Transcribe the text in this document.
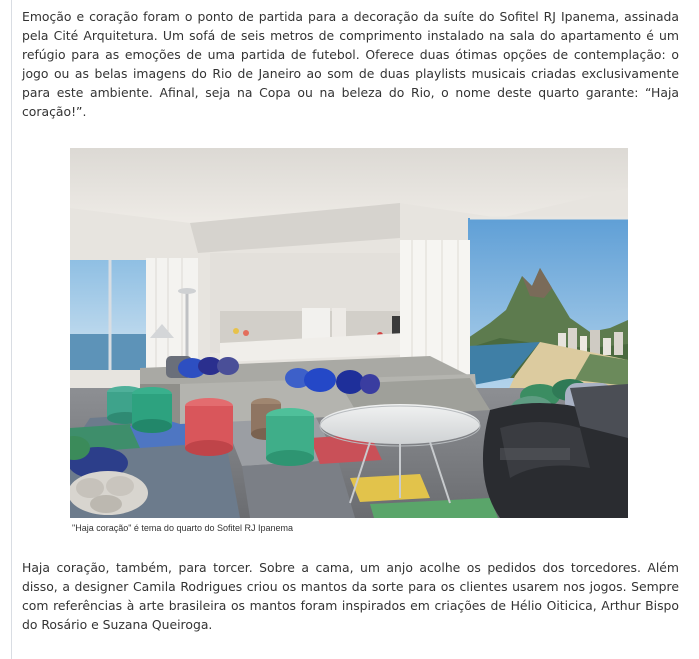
Emoção e coração foram o ponto de partida para a decoração da suíte do Sofitel RJ Ipanema, assinada pela Cité Arquitetura. Um sofá de seis metros de comprimento instalado na sala do apartamento é um refúgio para as emoções de uma partida de futebol. Oferece duas ótimas opções de contemplação: o jogo ou as belas imagens do Rio de Janeiro ao som de duas playlists musicais criadas exclusivamente para este ambiente. Afinal, seja na Copa ou na beleza do Rio, o nome deste quarto garante: “Haja coração!”.

"Haja coração" é tema do quarto do Sofitel RJ Ipanema

Haja coração, também, para torcer. Sobre a cama, um anjo acolhe os pedidos dos torcedores. Além disso, a designer Camila Rodrigues criou os mantos da sorte para os clientes usarem nos jogos. Sempre com referências à arte brasileira os mantos foram inspirados em criações de Hélio Oiticica, Arthur Bispo do Rosário e Suzana Queiroga.
